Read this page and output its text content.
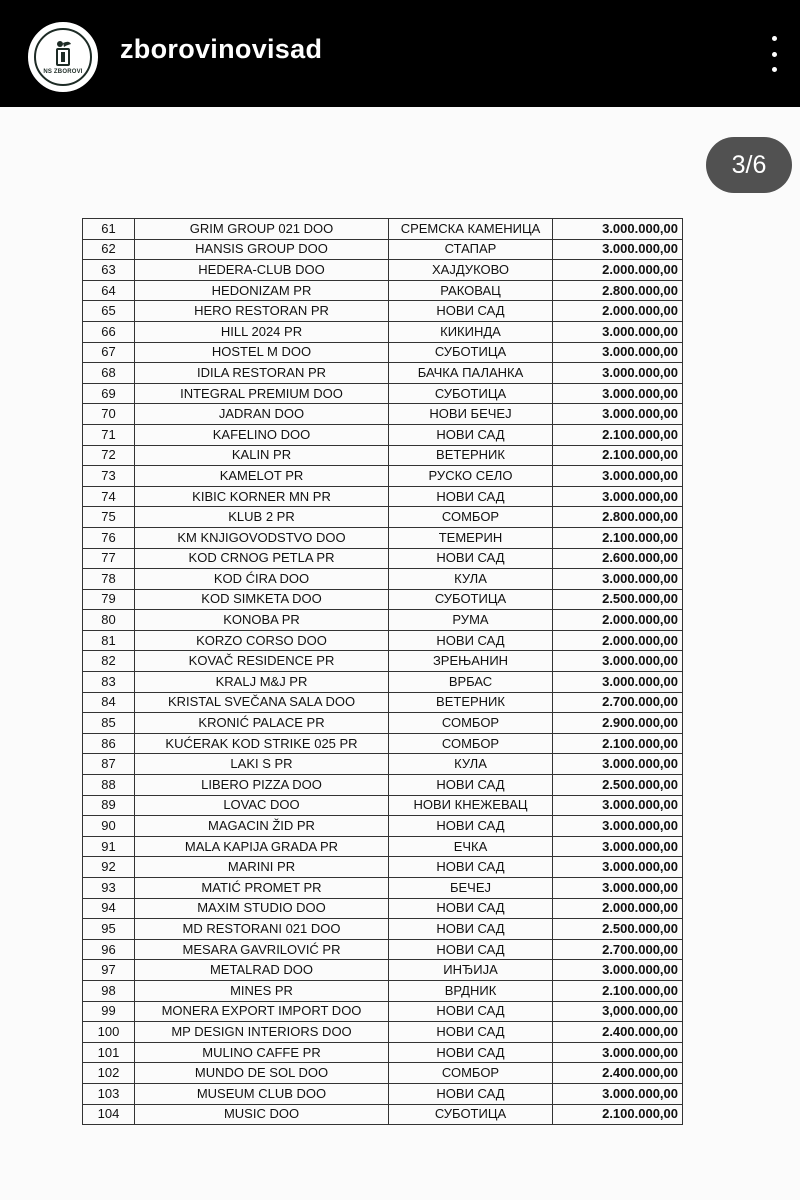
NS ZBOROVI
zborovinovisad
3/6
61	GRIM GROUP 021 DOO	СРЕМСКА КАМЕНИЦА	3.000.000,00
62	HANSIS GROUP DOO	СТАПАР	3.000.000,00
63	HEDERA-CLUB DOO	ХАЈДУКОВО	2.000.000,00
64	HEDONIZAM PR	РАКОВАЦ	2.800.000,00
65	HERO RESTORAN PR	НОВИ САД	2.000.000,00
66	HILL 2024 PR	КИКИНДА	3.000.000,00
67	HOSTEL M DOO	СУБОТИЦА	3.000.000,00
68	IDILA RESTORAN PR	БАЧКА ПАЛАНКА	3.000.000,00
69	INTEGRAL PREMIUM DOO	СУБОТИЦА	3.000.000,00
70	JADRAN DOO	НОВИ БЕЧЕЈ	3.000.000,00
71	KAFELINO DOO	НОВИ САД	2.100.000,00
72	KALIN PR	ВЕТЕРНИК	2.100.000,00
73	KAMELOT PR	РУСКО СЕЛО	3.000.000,00
74	KIBIC KORNER MN PR	НОВИ САД	3.000.000,00
75	KLUB 2 PR	СОМБОР	2.800.000,00
76	KM KNJIGOVODSTVO DOO	ТЕМЕРИН	2.100.000,00
77	KOD CRNOG PETLA PR	НОВИ САД	2.600.000,00
78	KOD ĆIRA DOO	КУЛА	3.000.000,00
79	KOD SIMKETA DOO	СУБОТИЦА	2.500.000,00
80	KONOBA PR	РУМА	2.000.000,00
81	KORZO CORSO DOO	НОВИ САД	2.000.000,00
82	KOVAČ RESIDENCE PR	ЗРЕЊАНИН	3.000.000,00
83	KRALJ M&J PR	ВРБАС	3.000.000,00
84	KRISTAL SVEČANA SALA DOO	ВЕТЕРНИК	2.700.000,00
85	KRONIĆ PALACE PR	СОМБОР	2.900.000,00
86	KUĆERAK KOD STRIKE 025 PR	СОМБОР	2.100.000,00
87	LAKI S PR	КУЛА	3.000.000,00
88	LIBERO PIZZA DOO	НОВИ САД	2.500.000,00
89	LOVAC DOO	НОВИ КНЕЖЕВАЦ	3.000.000,00
90	MAGACIN ŽID PR	НОВИ САД	3.000.000,00
91	MALA KAPIJA GRADA PR	ЕЧКА	3.000.000,00
92	MARINI PR	НОВИ САД	3.000.000,00
93	MATIĆ PROMET PR	БЕЧЕЈ	3.000.000,00
94	MAXIM STUDIO DOO	НОВИ САД	2.000.000,00
95	MD RESTORANI 021 DOO	НОВИ САД	2.500.000,00
96	MESARA GAVRILOVIĆ PR	НОВИ САД	2.700.000,00
97	METALRAD DOO	ИНЂИЈА	3.000.000,00
98	MINES PR	ВРДНИК	2.100.000,00
99	MONERA EXPORT IMPORT DOO	НОВИ САД	3,000.000,00
100	MP DESIGN INTERIORS DOO	НОВИ САД	2.400.000,00
101	MULINO CAFFE PR	НОВИ САД	3.000.000,00
102	MUNDO DE SOL DOO	СОМБОР	2.400.000,00
103	MUSEUM CLUB DOO	НОВИ САД	3.000.000,00
104	MUSIC DOO	СУБОТИЦА	2.100.000,00
